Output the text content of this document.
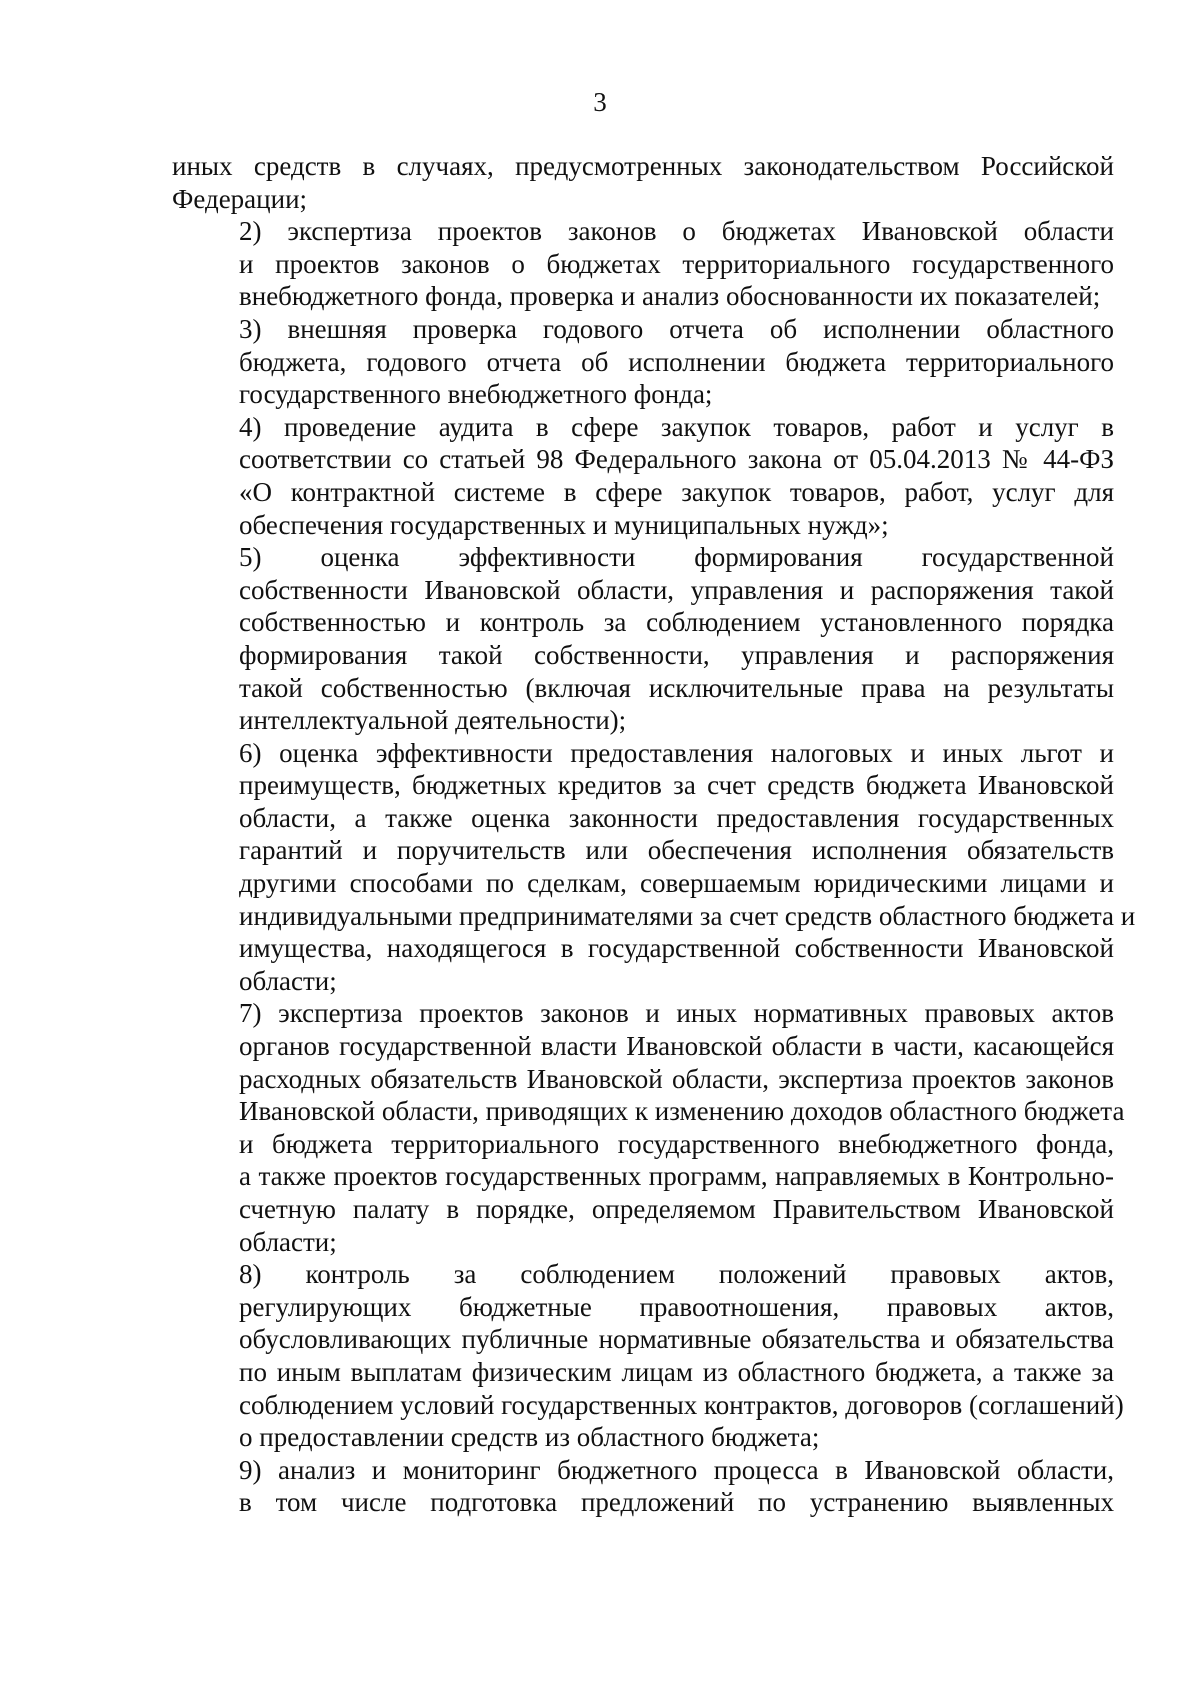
3

иных средств в случаях, предусмотренных законодательством Российской
Федерации;

2) экспертиза проектов законов о бюджетах Ивановской области
и проектов законов о бюджетах территориального государственного
внебюджетного фонда, проверка и анализ обоснованности их показателей;

3) внешняя проверка годового отчета об исполнении областного
бюджета, годового отчета об исполнении бюджета территориального
государственного внебюджетного фонда;

4) проведение аудита в сфере закупок товаров, работ и услуг в
соответствии со статьей 98 Федерального закона от 05.04.2013 № 44-ФЗ
«О контрактной системе в сфере закупок товаров, работ, услуг для
обеспечения государственных и муниципальных нужд»;

5) оценка эффективности формирования государственной
собственности Ивановской области, управления и распоряжения такой
собственностью и контроль за соблюдением установленного порядка
формирования такой собственности, управления и распоряжения
такой собственностью (включая исключительные права на результаты
интеллектуальной деятельности);

6) оценка эффективности предоставления налоговых и иных льгот и
преимуществ, бюджетных кредитов за счет средств бюджета Ивановской
области, а также оценка законности предоставления государственных
гарантий и поручительств или обеспечения исполнения обязательств
другими способами по сделкам, совершаемым юридическими лицами и
индивидуальными предпринимателями за счет средств областного бюджета и
имущества, находящегося в государственной собственности Ивановской
области;

7) экспертиза проектов законов и иных нормативных правовых актов
органов государственной власти Ивановской области в части, касающейся
расходных обязательств Ивановской области, экспертиза проектов законов
Ивановской области, приводящих к изменению доходов областного бюджета
и бюджета территориального государственного внебюджетного фонда,
а также проектов государственных программ, направляемых в Контрольно-
счетную палату в порядке, определяемом Правительством Ивановской
области;

8) контроль за соблюдением положений правовых актов,
регулирующих бюджетные правоотношения, правовых актов,
обусловливающих публичные нормативные обязательства и обязательства
по иным выплатам физическим лицам из областного бюджета, а также за
соблюдением условий государственных контрактов, договоров (соглашений)
о предоставлении средств из областного бюджета;

9) анализ и мониторинг бюджетного процесса в Ивановской области,
в том числе подготовка предложений по устранению выявленных
